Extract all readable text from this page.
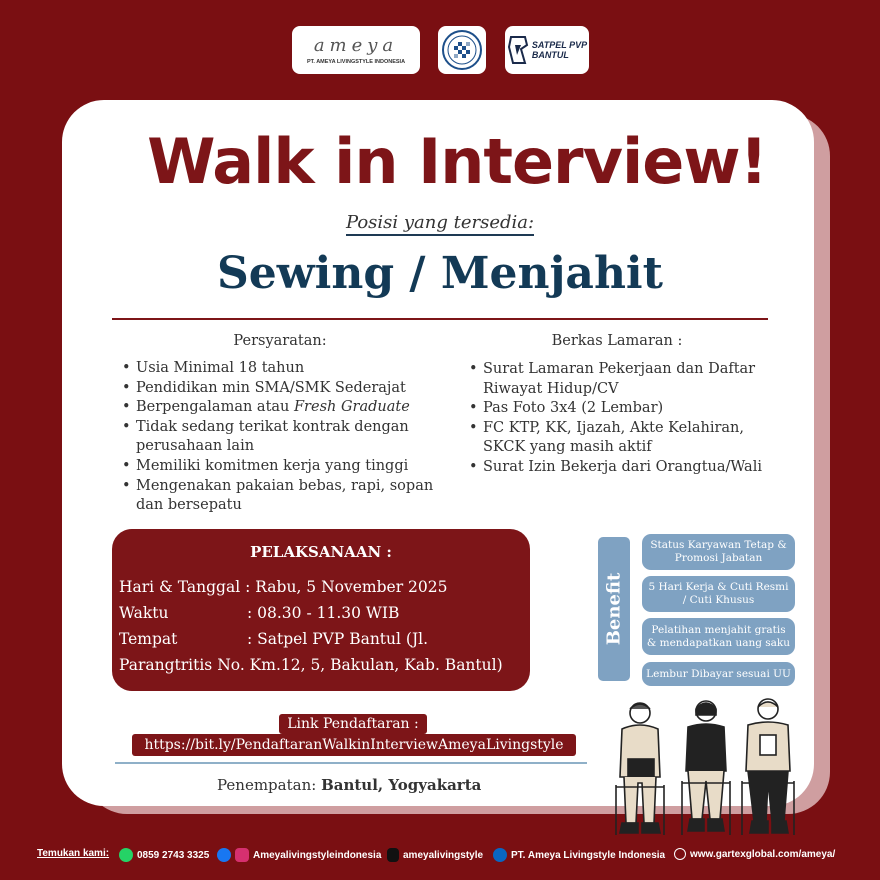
ameya
PT. AMEYA LIVINGSTYLE INDONESIA
SATPEL PVP
BANTUL
Walk in Interview!
Posisi yang tersedia:
Sewing / Menjahit
Persyaratan:
• Usia Minimal 18 tahun
• Pendidikan min SMA/SMK Sederajat
• Berpengalaman atau Fresh Graduate
• Tidak sedang terikat kontrak dengan perusahaan lain
• Memiliki komitmen kerja yang tinggi
• Mengenakan pakaian bebas, rapi, sopan dan bersepatu
Berkas Lamaran :
• Surat Lamaran Pekerjaan dan Daftar Riwayat Hidup/CV
• Pas Foto 3x4 (2 Lembar)
• FC KTP, KK, Ijazah, Akte Kelahiran, SKCK yang masih aktif
• Surat Izin Bekerja dari Orangtua/Wali
PELAKSANAAN :
Hari & Tanggal : Rabu, 5 November 2025
Waktu	: 08.30 - 11.30 WIB
Tempat	: Satpel PVP Bantul (Jl.
Parangtritis No. Km.12, 5, Bakulan, Kab. Bantul)
Benefit
Status Karyawan Tetap & Promosi Jabatan
5 Hari Kerja & Cuti Resmi / Cuti Khusus
Pelatihan menjahit gratis & mendapatkan uang saku
Lembur Dibayar sesuai UU
Link Pendaftaran :
https://bit.ly/PendaftaranWalkinInterviewAmeyaLivingstyle
Penempatan: Bantul, Yogyakarta
Temukan kami:	0859 2743 3325	Ameyalivingstyleindonesia ameyalivingstyle	PT. Ameya Livingstyle Indonesia www.gartexglobal.com/ameya/
